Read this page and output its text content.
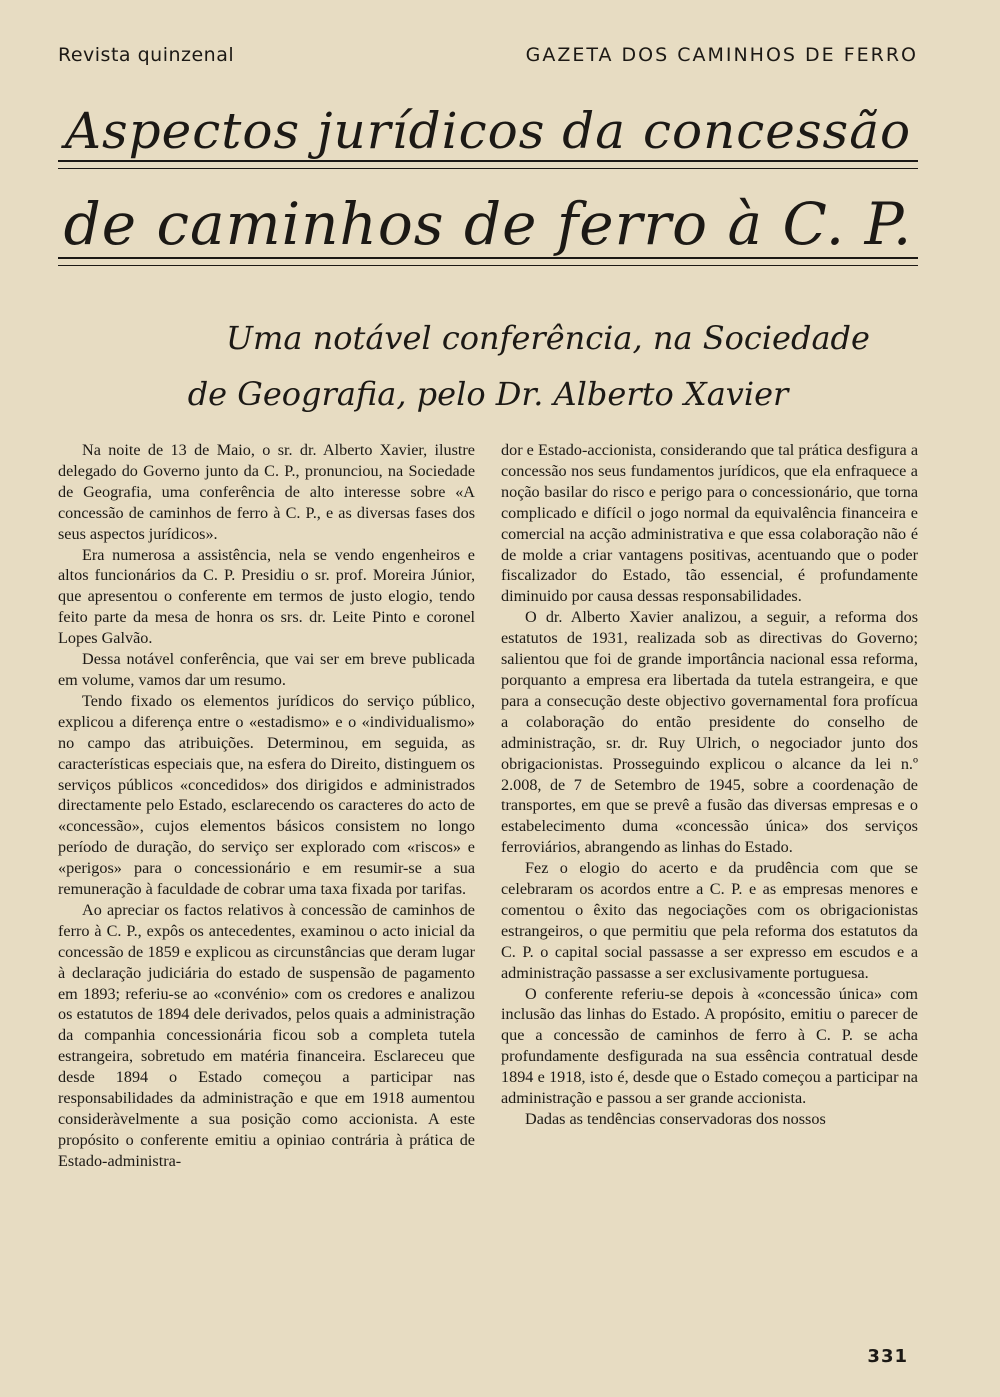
Revista quinzenal	GAZETA DOS CAMINHOS DE FERRO
Aspectos jurídicos da concessão
de caminhos de ferro à C. P.
Uma notável conferência, na Sociedade
de Geografia, pelo Dr. Alberto Xavier

Na noite de 13 de Maio, o sr. dr. Alberto Xavier, ilustre delegado do Governo junto da C. P., pronunciou, na Sociedade de Geografia, uma conferência de alto interesse sobre «A concessão de caminhos de ferro à C. P., e as diversas fases dos seus aspectos jurídicos».

Era numerosa a assistência, nela se vendo engenheiros e altos funcionários da C. P. Presidiu o sr. prof. Moreira Júnior, que apresentou o conferente em termos de justo elogio, tendo feito parte da mesa de honra os srs. dr. Leite Pinto e coronel Lopes Galvão.

Dessa notável conferência, que vai ser em breve publicada em volume, vamos dar um resumo.

Tendo fixado os elementos jurídicos do serviço público, explicou a diferença entre o «estadismo» e o «individualismo» no campo das atribuições. Determinou, em seguida, as características especiais que, na esfera do Direito, distinguem os serviços públicos «concedidos» dos dirigidos e administrados directamente pelo Estado, esclarecendo os caracteres do acto de «concessão», cujos elementos básicos consistem no longo período de duração, do serviço ser explorado com «riscos» e «perigos» para o concessionário e em resumir-se a sua remuneração à faculdade de cobrar uma taxa fixada por tarifas.

Ao apreciar os factos relativos à concessão de caminhos de ferro à C. P., expôs os antecedentes, examinou o acto inicial da concessão de 1859 e explicou as circunstâncias que deram lugar à declaração judiciária do estado de suspensão de pagamento em 1893; referiu-se ao «convénio» com os credores e analizou os estatutos de 1894 dele derivados, pelos quais a administração da companhia concessionária ficou sob a completa tutela estrangeira, sobretudo em matéria financeira. Esclareceu que desde 1894 o Estado começou a participar nas responsabilidades da administração e que em 1918 aumentou consideràvelmente a sua posição como accionista. A este propósito o conferente emitiu a opiniao contrária à prática de Estado-administra-

dor e Estado-accionista, considerando que tal prática desfigura a concessão nos seus fundamentos jurídicos, que ela enfraquece a noção basilar do risco e perigo para o concessionário, que torna complicado e difícil o jogo normal da equivalência financeira e comercial na acção administrativa e que essa colaboração não é de molde a criar vantagens positivas, acentuando que o poder fiscalizador do Estado, tão essencial, é profundamente diminuido por causa dessas responsabilidades.

O dr. Alberto Xavier analizou, a seguir, a reforma dos estatutos de 1931, realizada sob as directivas do Governo; salientou que foi de grande importância nacional essa reforma, porquanto a empresa era libertada da tutela estrangeira, e que para a consecução deste objectivo governamental fora profícua a colaboração do então presidente do conselho de administração, sr. dr. Ruy Ulrich, o negociador junto dos obrigacionistas. Prosseguindo explicou o alcance da lei n.º 2.008, de 7 de Setembro de 1945, sobre a coordenação de transportes, em que se prevê a fusão das diversas empresas e o estabelecimento duma «concessão única» dos serviços ferroviários, abrangendo as linhas do Estado.

Fez o elogio do acerto e da prudência com que se celebraram os acordos entre a C. P. e as empresas menores e comentou o êxito das negociações com os obrigacionistas estrangeiros, o que permitiu que pela reforma dos estatutos da C. P. o capital social passasse a ser expresso em escudos e a administração passasse a ser exclusivamente portuguesa.

O conferente referiu-se depois à «concessão única» com inclusão das linhas do Estado. A propósito, emitiu o parecer de que a concessão de caminhos de ferro à C. P. se acha profundamente desfigurada na sua essência contratual desde 1894 e 1918, isto é, desde que o Estado começou a participar na administração e passou a ser grande accionista.

Dadas as tendências conservadoras dos nossos

331
